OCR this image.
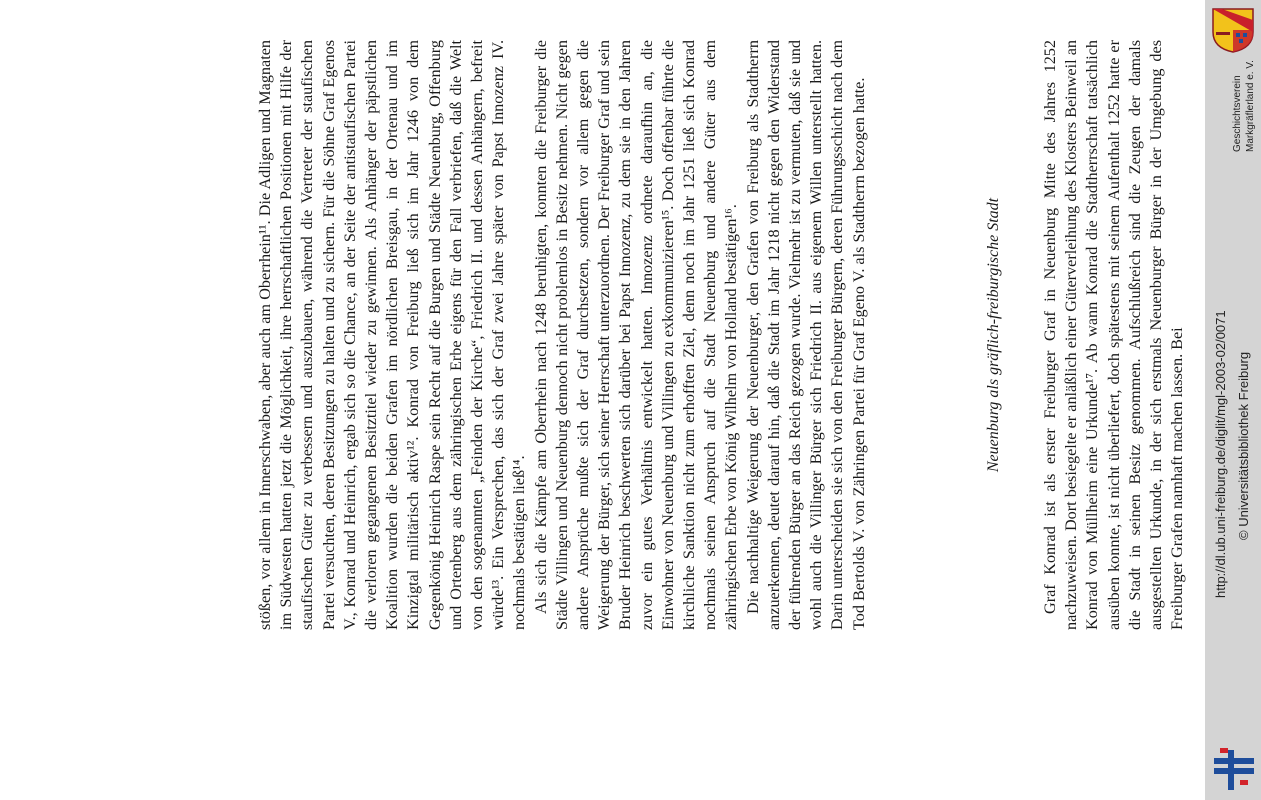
stößen, vor allem in Innerschwaben, aber auch am Oberrhein¹¹. Die Adligen und Magnaten im Südwesten hatten jetzt die Möglichkeit, ihre herrschaftlichen Positionen mit Hilfe der staufischen Güter zu verbessern und auszubauen, während die Vertreter der staufischen Partei versuchten, deren Besitzungen zu halten und zu sichern. Für die Söhne Graf Egenos V., Konrad und Heinrich, ergab sich so die Chance, an der Seite der antistaufischen Partei die verloren gegangenen Besitztitel wieder zu gewinnen. Als Anhänger der päpstlichen Koalition wurden die beiden Grafen im nördlichen Breisgau, in der Ortenau und im Kinzigtal militärisch aktiv¹². Konrad von Freiburg ließ sich im Jahr 1246 von dem Gegenkönig Heinrich Raspe sein Recht auf die Burgen und Städte Neuenburg, Offenburg und Ortenberg aus dem zähringischen Erbe eigens für den Fall verbriefen, daß die Welt von den sogenannten „Feinden der Kirche“, Friedrich II. und dessen Anhängern, befreit würde¹³. Ein Versprechen, das sich der Graf zwei Jahre später von Papst Innozenz IV. nochmals bestätigen ließ¹⁴. Als sich die Kämpfe am Oberrhein nach 1248 beruhigten, konnten die Freiburger die Städte Villingen und Neuenburg dennoch nicht problemlos in Besitz nehmen. Nicht gegen andere Ansprüche mußte sich der Graf durchsetzen, sondern vor allem gegen die Weigerung der Bürger, sich seiner Herrschaft unterzuordnen. Der Freiburger Graf und sein Bruder Heinrich beschwerten sich darüber bei Papst Innozenz, zu dem sie in den Jahren zuvor ein gutes Verhältnis entwickelt hatten. Innozenz ordnete daraufhin an, die Einwohner von Neuenburg und Villingen zu exkommunizieren¹⁵. Doch offenbar führte die kirchliche Sanktion nicht zum erhofften Ziel, denn noch im Jahr 1251 ließ sich Konrad nochmals seinen Anspruch auf die Stadt Neuenburg und andere Güter aus dem zähringischen Erbe von König Wilhelm von Holland bestätigen¹⁶. Die nachhaltige Weigerung der Neuenburger, den Grafen von Freiburg als Stadtherrn anzuerkennen, deutet darauf hin, daß die Stadt im Jahr 1218 nicht gegen den Widerstand der führenden Bürger an das Reich gezogen wurde. Vielmehr ist zu vermuten, daß sie und wohl auch die Villinger Bürger sich Friedrich II. aus eigenem Willen unterstellt hatten. Darin unterscheiden sie sich von den Freiburger Bürgern, deren Führungsschicht nach dem Tod Bertolds V. von Zähringen Partei für Graf Egeno V. als Stadtherrn bezogen hatte.	Neuenburg als gräflich-freiburgische Stadt Graf Konrad ist als erster Freiburger Graf in Neuenburg Mitte des Jahres 1252 nachzuweisen. Dort besiegelte er anläßlich einer Güterverleihung des Klosters Beinweil an Konrad von Müllheim eine Urkunde¹⁷. Ab wann Konrad die Stadtherrschaft tatsächlich ausüben konnte, ist nicht überliefert, doch spätestens mit seinem Aufenthalt 1252 hatte er die Stadt in seinen Besitz genommen. Aufschlußreich sind die Zeugen der damals ausgestellten Urkunde, in der sich erstmals Neuenburger Bürger in der Umgebung des Freiburger Grafen namhaft machen lassen. Bei http://dl.ub.uni-freiburg.de/diglit/mgl-2003-02/0071 © Universitätsbibliothek Freiburg
Geschichtsverein Markgräflerland e. V.
